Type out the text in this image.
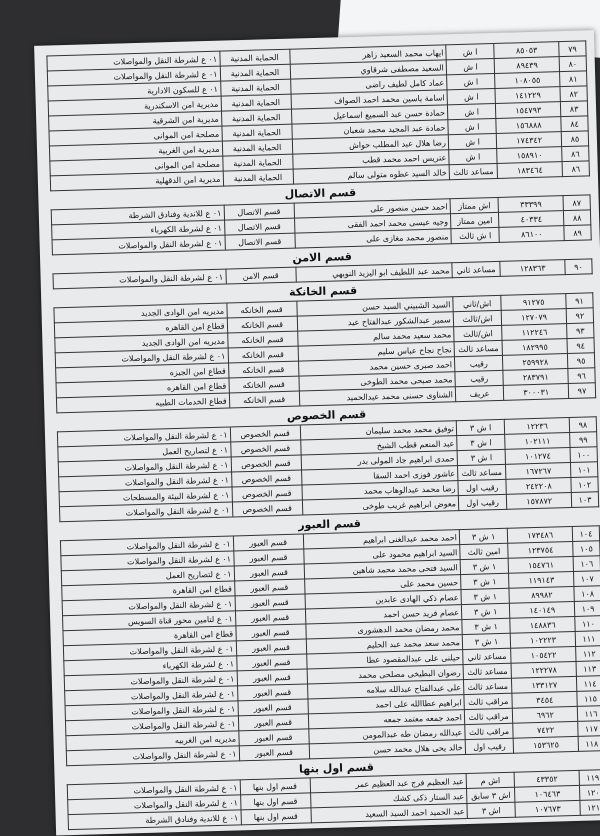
٧٩	٨٥٠٥٣	ا ش	ايهاب محمد السعيد زاهر	الحماية المدنية	٠١ ع لشرطة النقل والمواصلات
٨٠	٨٩٤٣٩	ا ش	السعيد مصطفى شرقاوي	الحماية المدنية	٠١ ع لشرطة النقل والمواصلات
٨١	١٠٨٠٥٥	ا ش	عماد كامل لطيف راضى	الحماية المدنية	٠١ ع للسكون الادارية
٨٢	١٤١٢٢٩	ا ش	اسامة ياسين محمد احمد الصواف	الحماية المدنية	مديرية امن الاسكندرية
٨٣	١٥٤٧٩٣	ا ش	حمادة حسن عبد السميع اسماعيل	الحماية المدنية	مديرية امن الشرقية
٨٤	١٥٦٨٨٨	ا ش	حمادة عبد المجيد محمد شعبان	الحماية المدنية	مصلحة امن الموانى
٨٥	١٧٤٣٤٢	ا ش	رضا هلال عبد المطلب حواش	الحماية المدنية	مديرية امن الغربية
٨٦	١٥٨٩١٠	ا ش	عتريس احمد محمد قطب	الحماية المدنية	مصلحة امن الموانى
٨٦	١٨٣٤٦٤	مساعد ثالث	خالد السيد عطوه متولى سالم	الحماية المدنية	مديرية امن الدقهلية
قسم الاتصال
٨٧	٣٣٣٩٩	اش ممتاز	احمد حسن منصور على	قسم الاتصال	٠١ ع للاندية وفنادق الشرطة
٨٨	٤٠٣٣٤	امين ممتاز	وجيه عيسى محمد احمد الفقى	قسم الاتصال	٠١ ع لشرطة الكهرباء
٨٩	٨٦١٠٠	ا ش ثالث	منصور محمد مغازى على	قسم الاتصال	٠١ ع لشرطة النقل والمواصلات
قسم الامن
٩٠	١٢٨٣٦٣	مساعد ثاني	محمد عبد اللطيف ابو اليزيد النويهي	قسم الامن	٠١ ع لشرطة النقل والمواصلات
قسم الخانكة
٩١	٩١٢٧٥	اش/ثاني	السيد الشبيني السيد حسن	قسم الخانكه	مديريه امن الوادى الجديد
٩٢	١٢٧٠٧٩	اش/ثالث	سمير عبدالشكور عبدالفتاح عيد	قسم الخانكه	قطاع امن القاهره
٩٣	١١٢٢٤٦	اش/ثالث	محمد سعيد محمد سالم	قسم الخانكه	مديريه امن الوادى الجديد
٩٤	١٨٢٩٩٥	مساعد ثالث	نجاح نجاح عباس سليم	قسم الخانكه	٠١ ع لشرطة النقل والمواصلات
٩٥	٢٥٩٩٢٨	رقيب	احمد صبرى حسين محمد	قسم الخانكه	قطاع امن الجيزه
٩٦	٢٨٣٧٩١	رقيب	محمد صبحى محمد الطوخى	قسم الخانكه	قطاع امن القاهره
٩٧	٣٠٠٠٣١	عريف	الشناوى حسنى محمد عبدالحميد	قسم الخانكه	قطاع الخدمات الطبيه
قسم الخصوص
٩٨	١٢٢٣٦	ا ش ٣	توفيق محمد محمد سليمان	قسم الخصوص	٠١ ع لشرطة النقل والمواصلات
٩٩	١٠٢١١١	ا ش ٣	عبد المنعم قطب الشيخ	قسم الخصوص	٠١ ع لتصاريح العمل
١٠٠	١٠١٢٧٤	ا ش ٣	حمدى ابراهيم جاد المولى بدر	قسم الخصوص	٠١ ع لشرطة النقل والمواصلات
١٠١	١٦٧٢٦٧	مساعد ثالث	عاشور فوزى احمد السقا	قسم الخصوص	٠١ ع لشرطة النقل والمواصلات
١٠٢	٢٤٢٢٠٨	رقيب اول	رضا محمد عبدالوهاب محمد	قسم الخصوص	٠١ ع لشرطة البيئة والمسطحات
١٠٣	١٥٧٨٧٢	رقيب اول	معوض ابراهيم غريب طوخى	قسم الخصوص	٠١ ع لشرطة النقل والمواصلات
قسم العبور
١٠٤	١٧٣٤٨٦	١ ش ٣	احمد محمد عبدالغنى ابراهيم	قسم العبور	٠١ ع لشرطة النقل والمواصلات
١٠٥	١٢٣٧٥٤	امين ثالث	السيد ابراهيم محمود على	قسم العبور	٠١ ع لشرطة النقل والمواصلات
١٠٦	١٥٤٧٦١	١ ش ٣	السيد فتحى محمد محمد شاهين	قسم العبور	٠١ ع لتصاريح العمل
١٠٧	١١٩١٤٣	١ ش ٣	حسين محمد على	قسم العبور	قطاع امن القاهرة
١٠٨	٨٩٩٨٢	١ ش ٣	عصام ذكي الهادى عابدين	قسم العبور	٠١ ع لشرطة النقل والمواصلات
١٠٩	١٤٠١٤٩	١ ش ٣	عصام فريد حسن احمد	قسم العبور	٠١ ع لتامين محور قناة السويس
١١٠	١٤٨٨٣٦	١ ش ٣	محمد رمضان محمد الدهشورى	قسم العبور	قطاع امن القاهرة
١١١	١٠٢٢٢٣	١ ش ٣	محمد سعد محمد عبد الحليم	قسم العبور	٠١ ع لشرطة النقل والمواصلات
١١٢	١٠٥٤٢٢	مساعد ثاني	حيلنى على عبدالمقصود عطا	قسم العبور	٠١ ع لشرطة الكهرباء
١١٣	١٢٢٢٧٨	مساعد ثالث	رضوان البطيخى مصلحى محمد	قسم العبور	٠١ ع لشرطة النقل والمواصلات
١١٤	١٣٣١٢٧	مساعد ثالث	على عبدالفتاح عبدالله سلامه	قسم العبور	٠١ ع لشرطة النقل والمواصلات
١١٥	٣٤٥٤	مراقب ثالث	ابراهيم عطاالله على احمد	قسم العبور	٠١ ع لشرطة النقل والمواصلات
١١٦	٦٩٦٢	مراقب ثالث	احمد جمعه معتمد جمعه	قسم العبور	٠١ ع لشرطة النقل والمواصلات
١١٧	٧٤٢٢	مراقب ثالث	عبدالله رمضان طه عبدالمومن	قسم العبور	مديريه امن الغربيه
١١٨	١٥٣٦٢٥	رقيب اول	خالد يحى هلال محمد حسن	قسم العبور	٠١ ع لشرطة النقل والمواصلات
قسم اول بنها
١١٩	٤٣٣٥٢	اش م	عبد العظيم فرج عبد العظيم عمر	قسم اول بنها	٠١ ع لشرطة النقل والمواصلات
١٢٠	١٠٦٤٦٣	اش ٣ سابق	عبد الستار ذكى كشك	قسم اول بنها	٠١ ع لشرطة النقل والمواصلات
١٢١	١٠٧٦٧٣	اش ٣	عبد الحميد احمد السيد السعيد	قسم اول بنها	٠١ ع للاندية وفنادق الشرطة
